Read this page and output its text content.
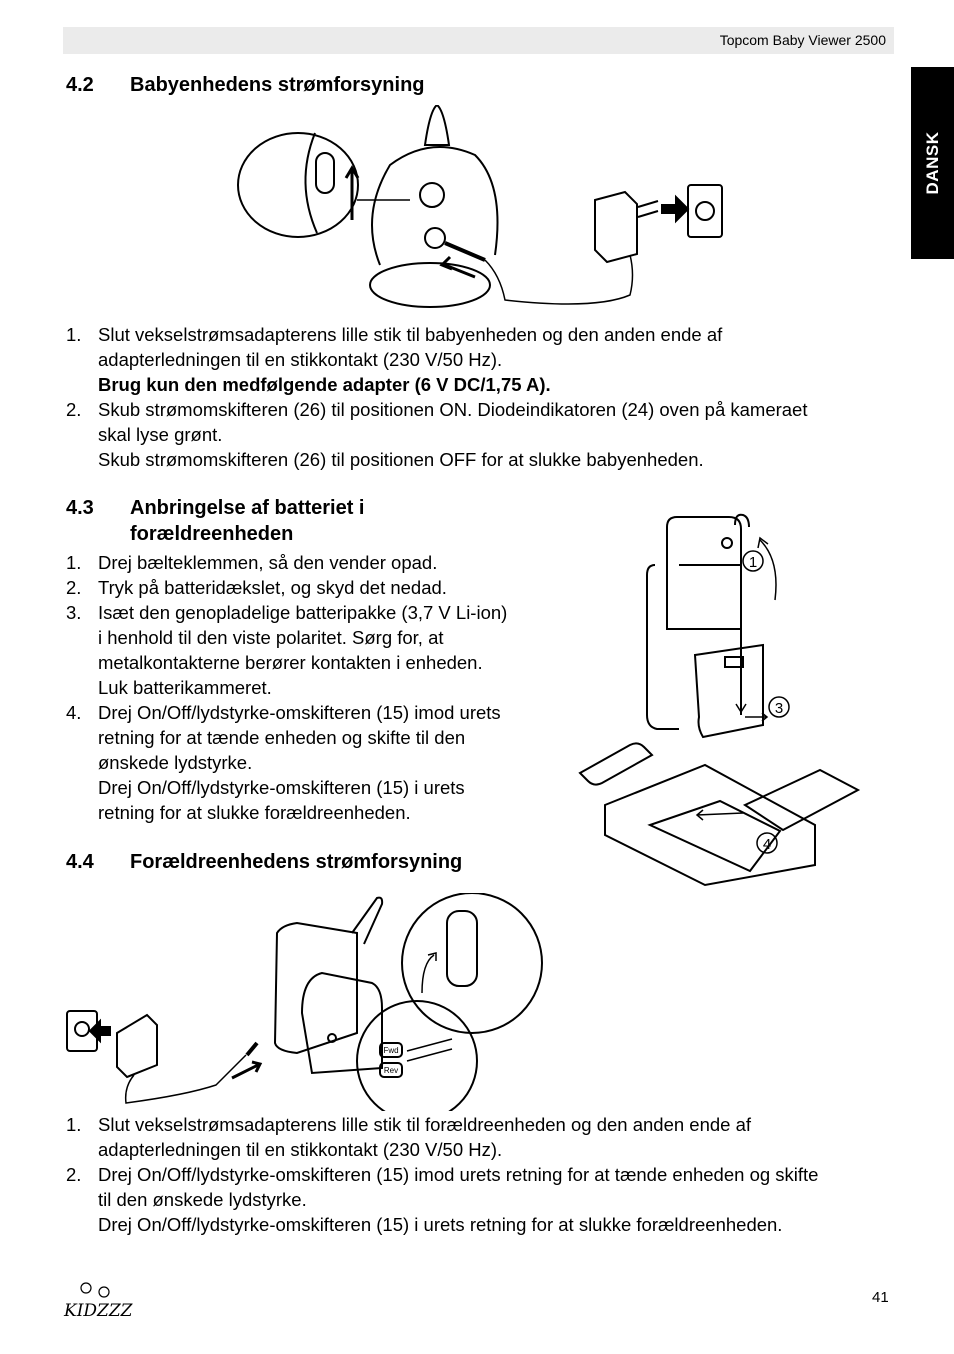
Topcom Baby Viewer 2500
DANSK
4.2 Babyenhedens strømforsyning
1. Slut vekselstrømsadapterens lille stik til babyenheden og den anden ende af
adapterledningen til en stikkontakt (230 V/50 Hz).
Brug kun den medfølgende adapter (6 V DC/1,75 A).
2. Skub strømomskifteren (26) til positionen ON. Diodeindikatoren (24) oven på kameraet
skal lyse grønt.
Skub strømomskifteren (26) til positionen OFF for at slukke babyenheden.
4.3 Anbringelse af batteriet i
forældreenheden
1. Drej bælteklemmen, så den vender opad.
2. Tryk på batteridækslet, og skyd det nedad.
3. Isæt den genopladelige batteripakke (3,7 V Li-ion)
i henhold til den viste polaritet. Sørg for, at
metalkontakterne berører kontakten i enheden.
Luk batterikammeret.
4. Drej On/Off/lydstyrke-omskifteren (15) imod urets
retning for at tænde enheden og skifte til den
ønskede lydstyrke.
Drej On/Off/lydstyrke-omskifteren (15) i urets
retning for at slukke forældreenheden.
1
3
4
4.4 Forældreenhedens strømforsyning
Fwd
Rev
1. Slut vekselstrømsadapterens lille stik til forældreenheden og den anden ende af
adapterledningen til en stikkontakt (230 V/50 Hz).
2. Drej On/Off/lydstyrke-omskifteren (15) imod urets retning for at tænde enheden og skifte
til den ønskede lydstyrke.
Drej On/Off/lydstyrke-omskifteren (15) i urets retning for at slukke forældreenheden.
KIDZZZ
41
